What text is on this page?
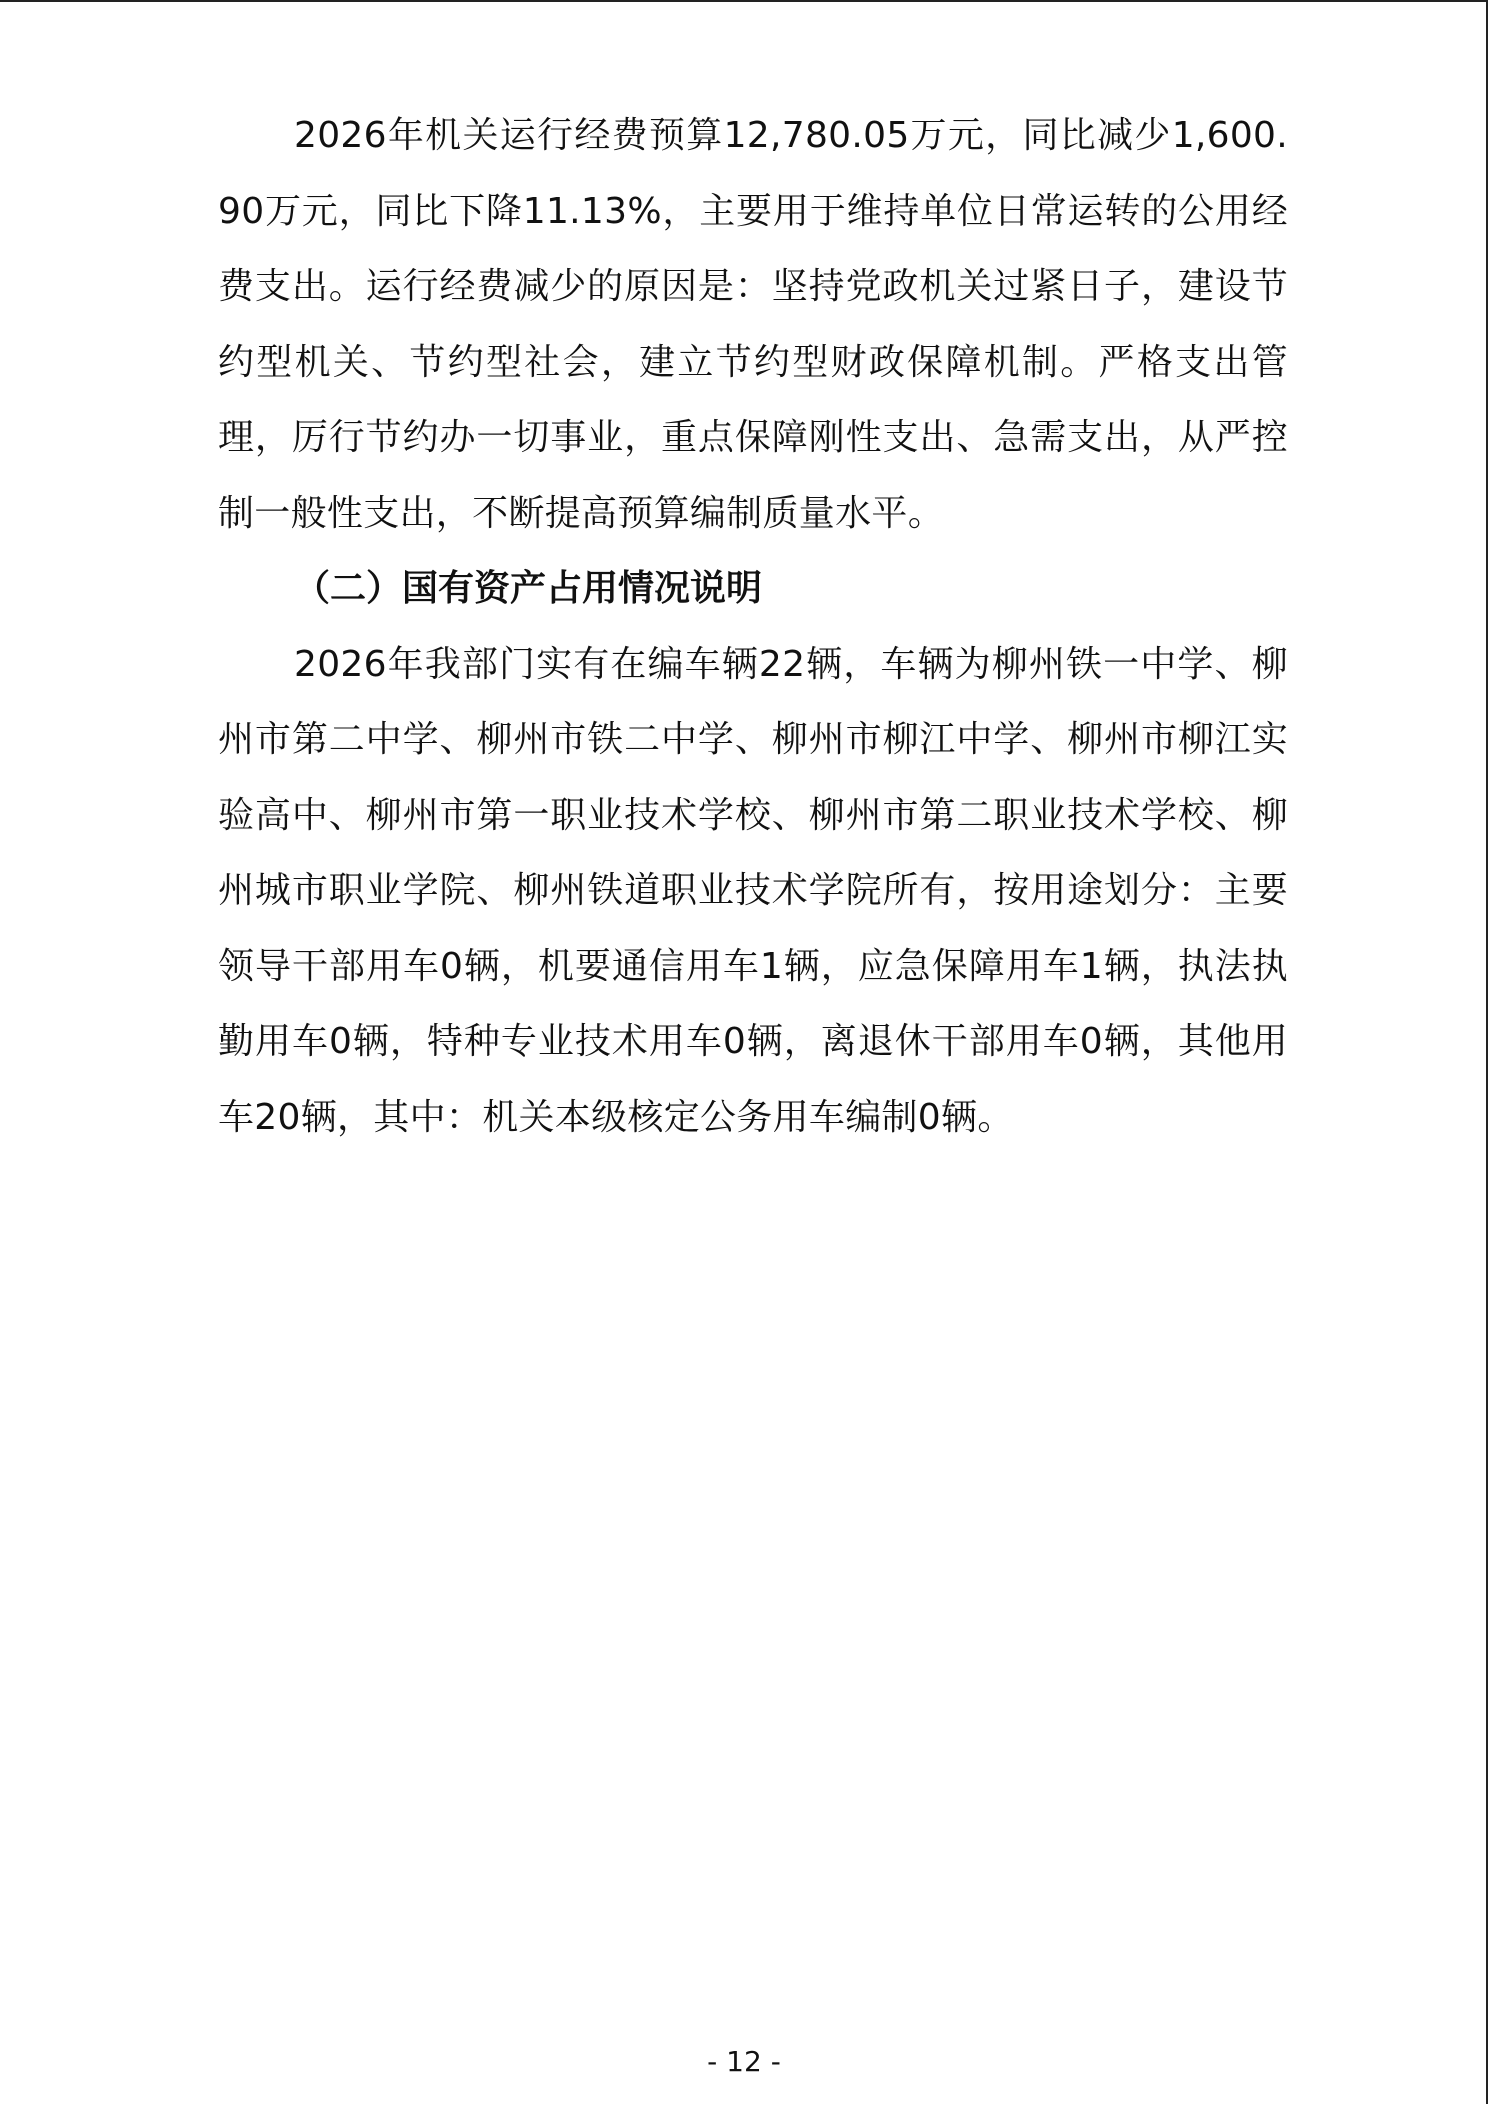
2026年机关运行经费预算12,780.05万元，同比减少1,600.90万元，同比下降11.13%，主要用于维持单位日常运转的公用经费支出。运行经费减少的原因是：坚持党政机关过紧日子，建设节约型机关、节约型社会，建立节约型财政保障机制。严格支出管理，厉行节约办一切事业，重点保障刚性支出、急需支出，从严控制一般性支出，不断提高预算编制质量水平。

（二）国有资产占用情况说明

2026年我部门实有在编车辆22辆，车辆为柳州铁一中学、柳州市第二中学、柳州市铁二中学、柳州市柳江中学、柳州市柳江实验高中、柳州市第一职业技术学校、柳州市第二职业技术学校、柳州城市职业学院、柳州铁道职业技术学院所有，按用途划分：主要领导干部用车0辆，机要通信用车1辆，应急保障用车1辆，执法执勤用车0辆，特种专业技术用车0辆，离退休干部用车0辆，其他用车20辆，其中：机关本级核定公务用车编制0辆。

- 12 -
